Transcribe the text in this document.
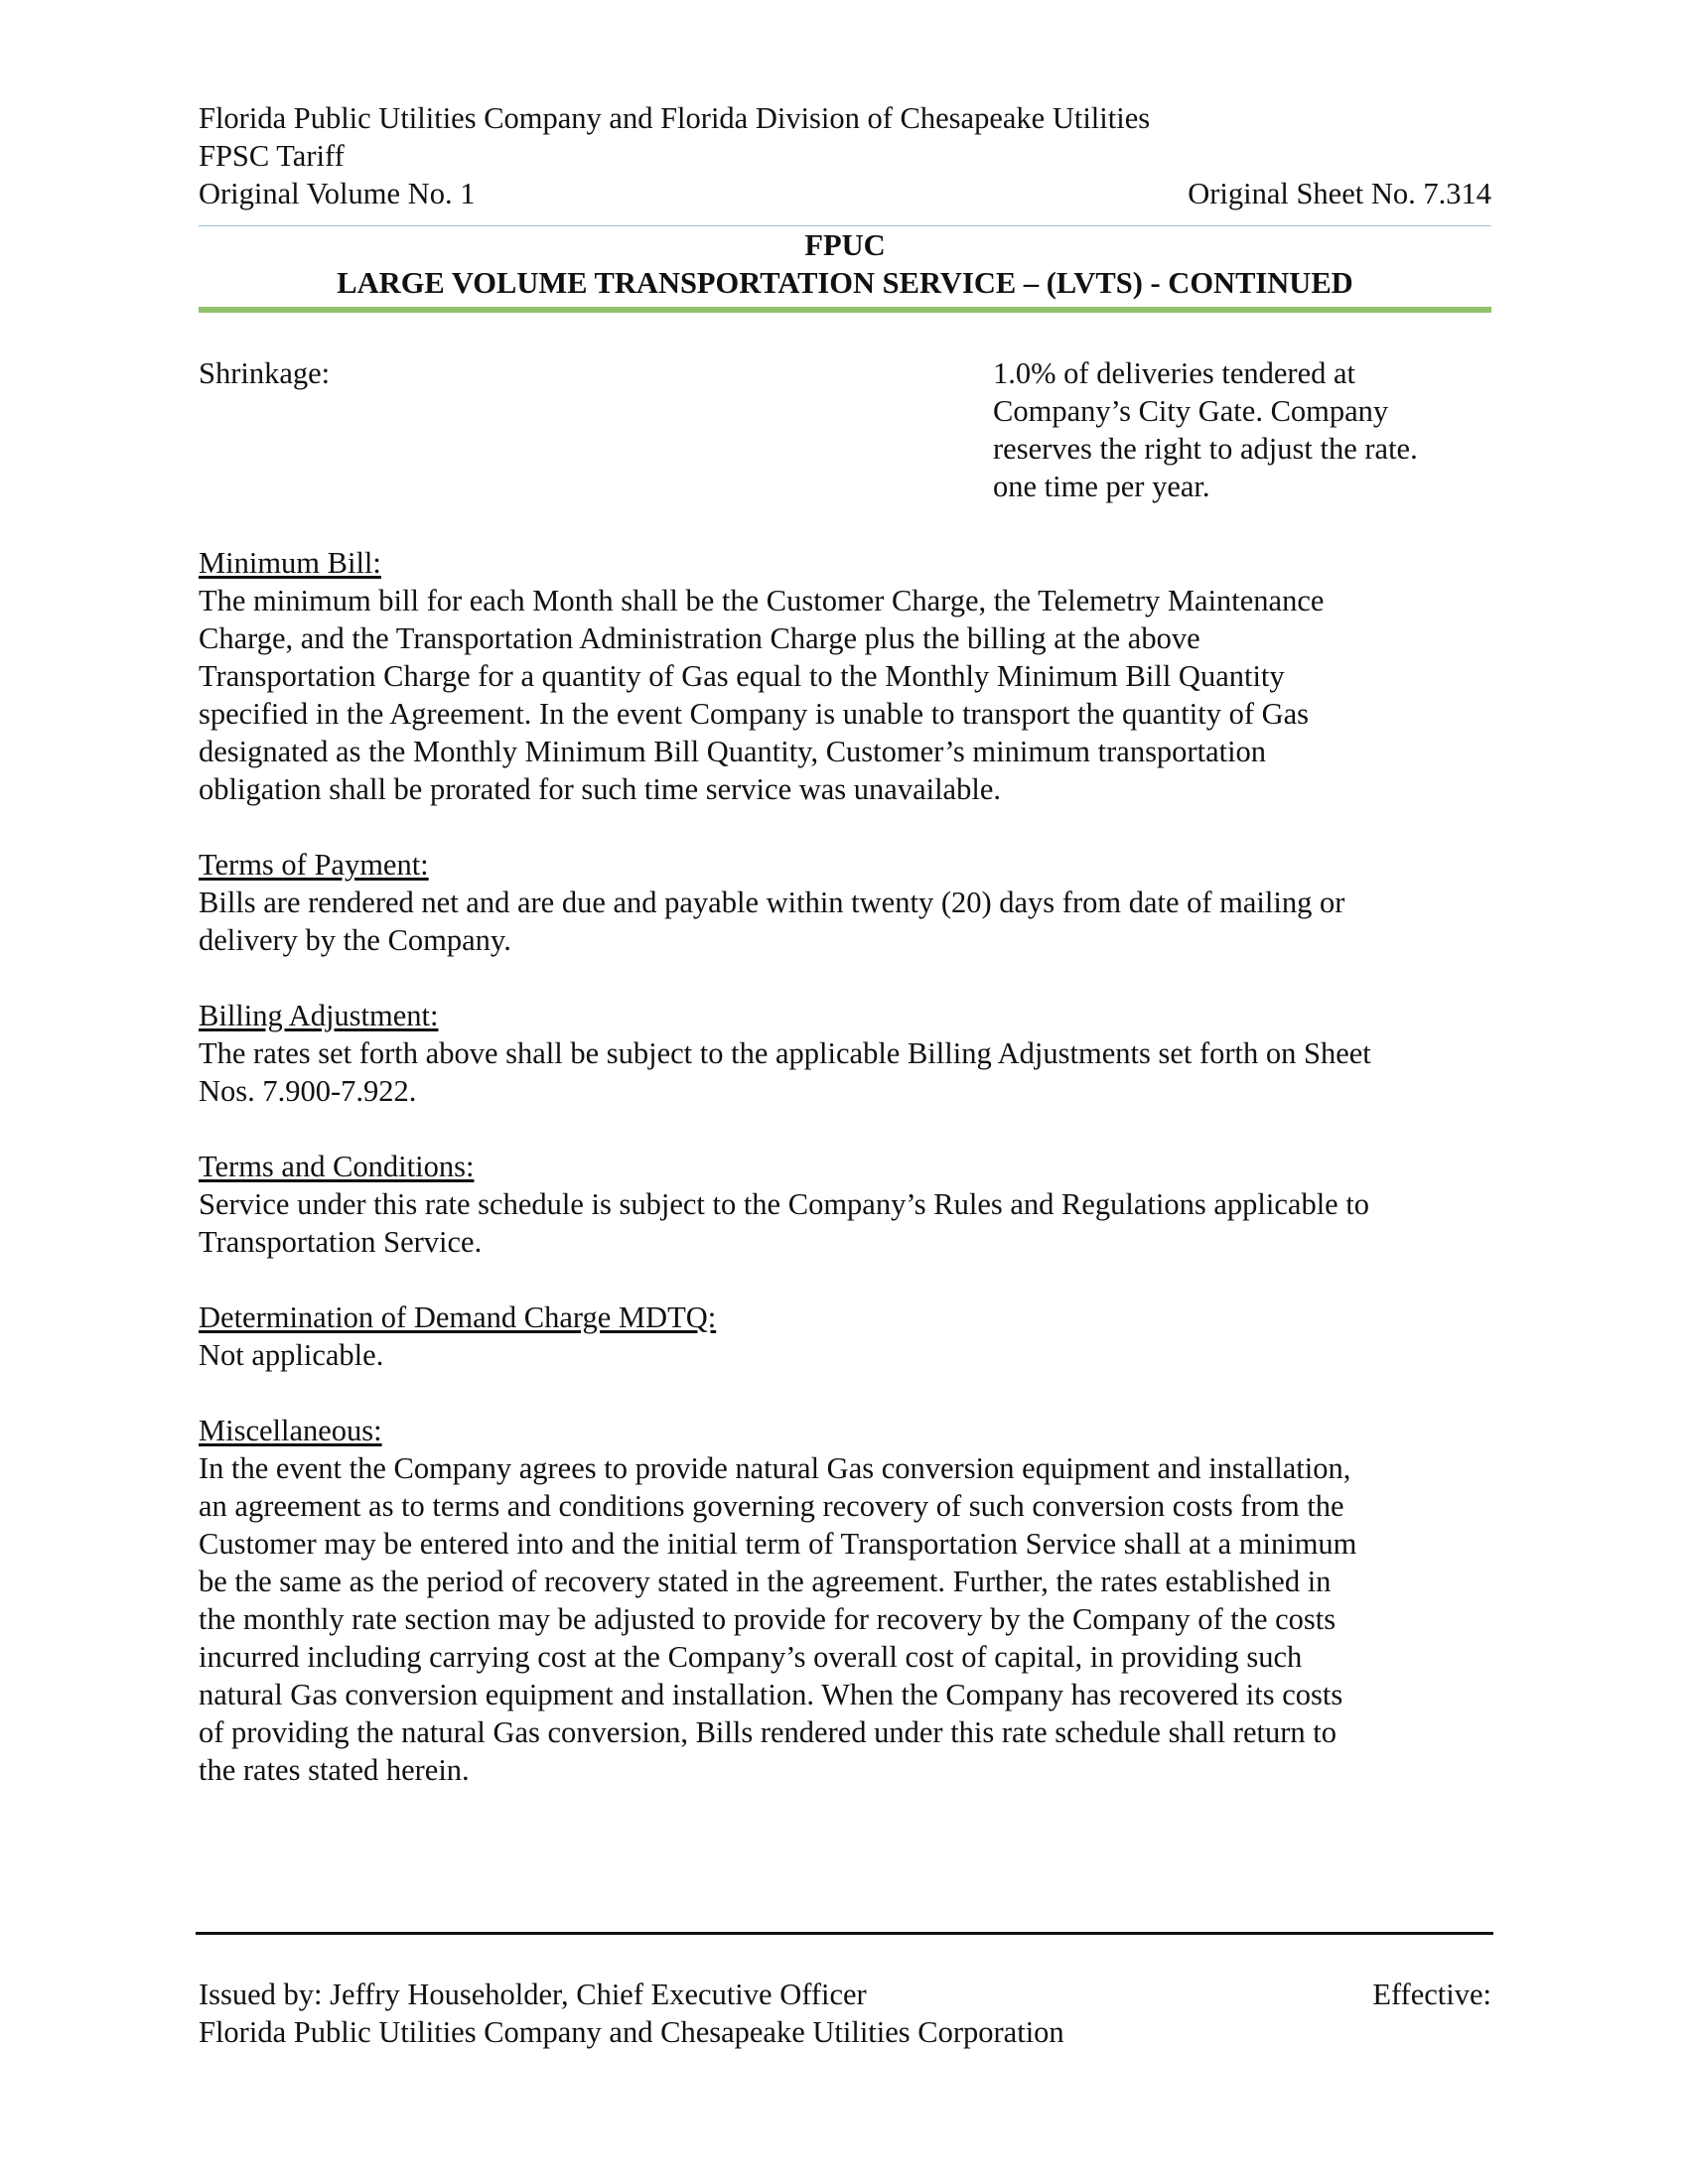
Florida Public Utilities Company and Florida Division of Chesapeake Utilities
FPSC Tariff
Original Volume No. 1	Original Sheet No. 7.314
FPUC
LARGE VOLUME TRANSPORTATION SERVICE – (LVTS) - CONTINUED
Shrinkage:	1.0% of deliveries tendered at
Company’s City Gate. Company
reserves the right to adjust the rate.
one time per year.
Minimum Bill:
The minimum bill for each Month shall be the Customer Charge, the Telemetry Maintenance
Charge, and the Transportation Administration Charge plus the billing at the above
Transportation Charge for a quantity of Gas equal to the Monthly Minimum Bill Quantity
specified in the Agreement. In the event Company is unable to transport the quantity of Gas
designated as the Monthly Minimum Bill Quantity, Customer’s minimum transportation
obligation shall be prorated for such time service was unavailable.
Terms of Payment:
Bills are rendered net and are due and payable within twenty (20) days from date of mailing or
delivery by the Company.
Billing Adjustment:
The rates set forth above shall be subject to the applicable Billing Adjustments set forth on Sheet
Nos. 7.900-7.922.
Terms and Conditions:
Service under this rate schedule is subject to the Company’s Rules and Regulations applicable to
Transportation Service.
Determination of Demand Charge MDTQ:
Not applicable.
Miscellaneous:
In the event the Company agrees to provide natural Gas conversion equipment and installation,
an agreement as to terms and conditions governing recovery of such conversion costs from the
Customer may be entered into and the initial term of Transportation Service shall at a minimum
be the same as the period of recovery stated in the agreement. Further, the rates established in
the monthly rate section may be adjusted to provide for recovery by the Company of the costs
incurred including carrying cost at the Company’s overall cost of capital, in providing such
natural Gas conversion equipment and installation. When the Company has recovered its costs
of providing the natural Gas conversion, Bills rendered under this rate schedule shall return to
the rates stated herein.
Issued by: Jeffry Householder, Chief Executive Officer	Effective:
Florida Public Utilities Company and Chesapeake Utilities Corporation
